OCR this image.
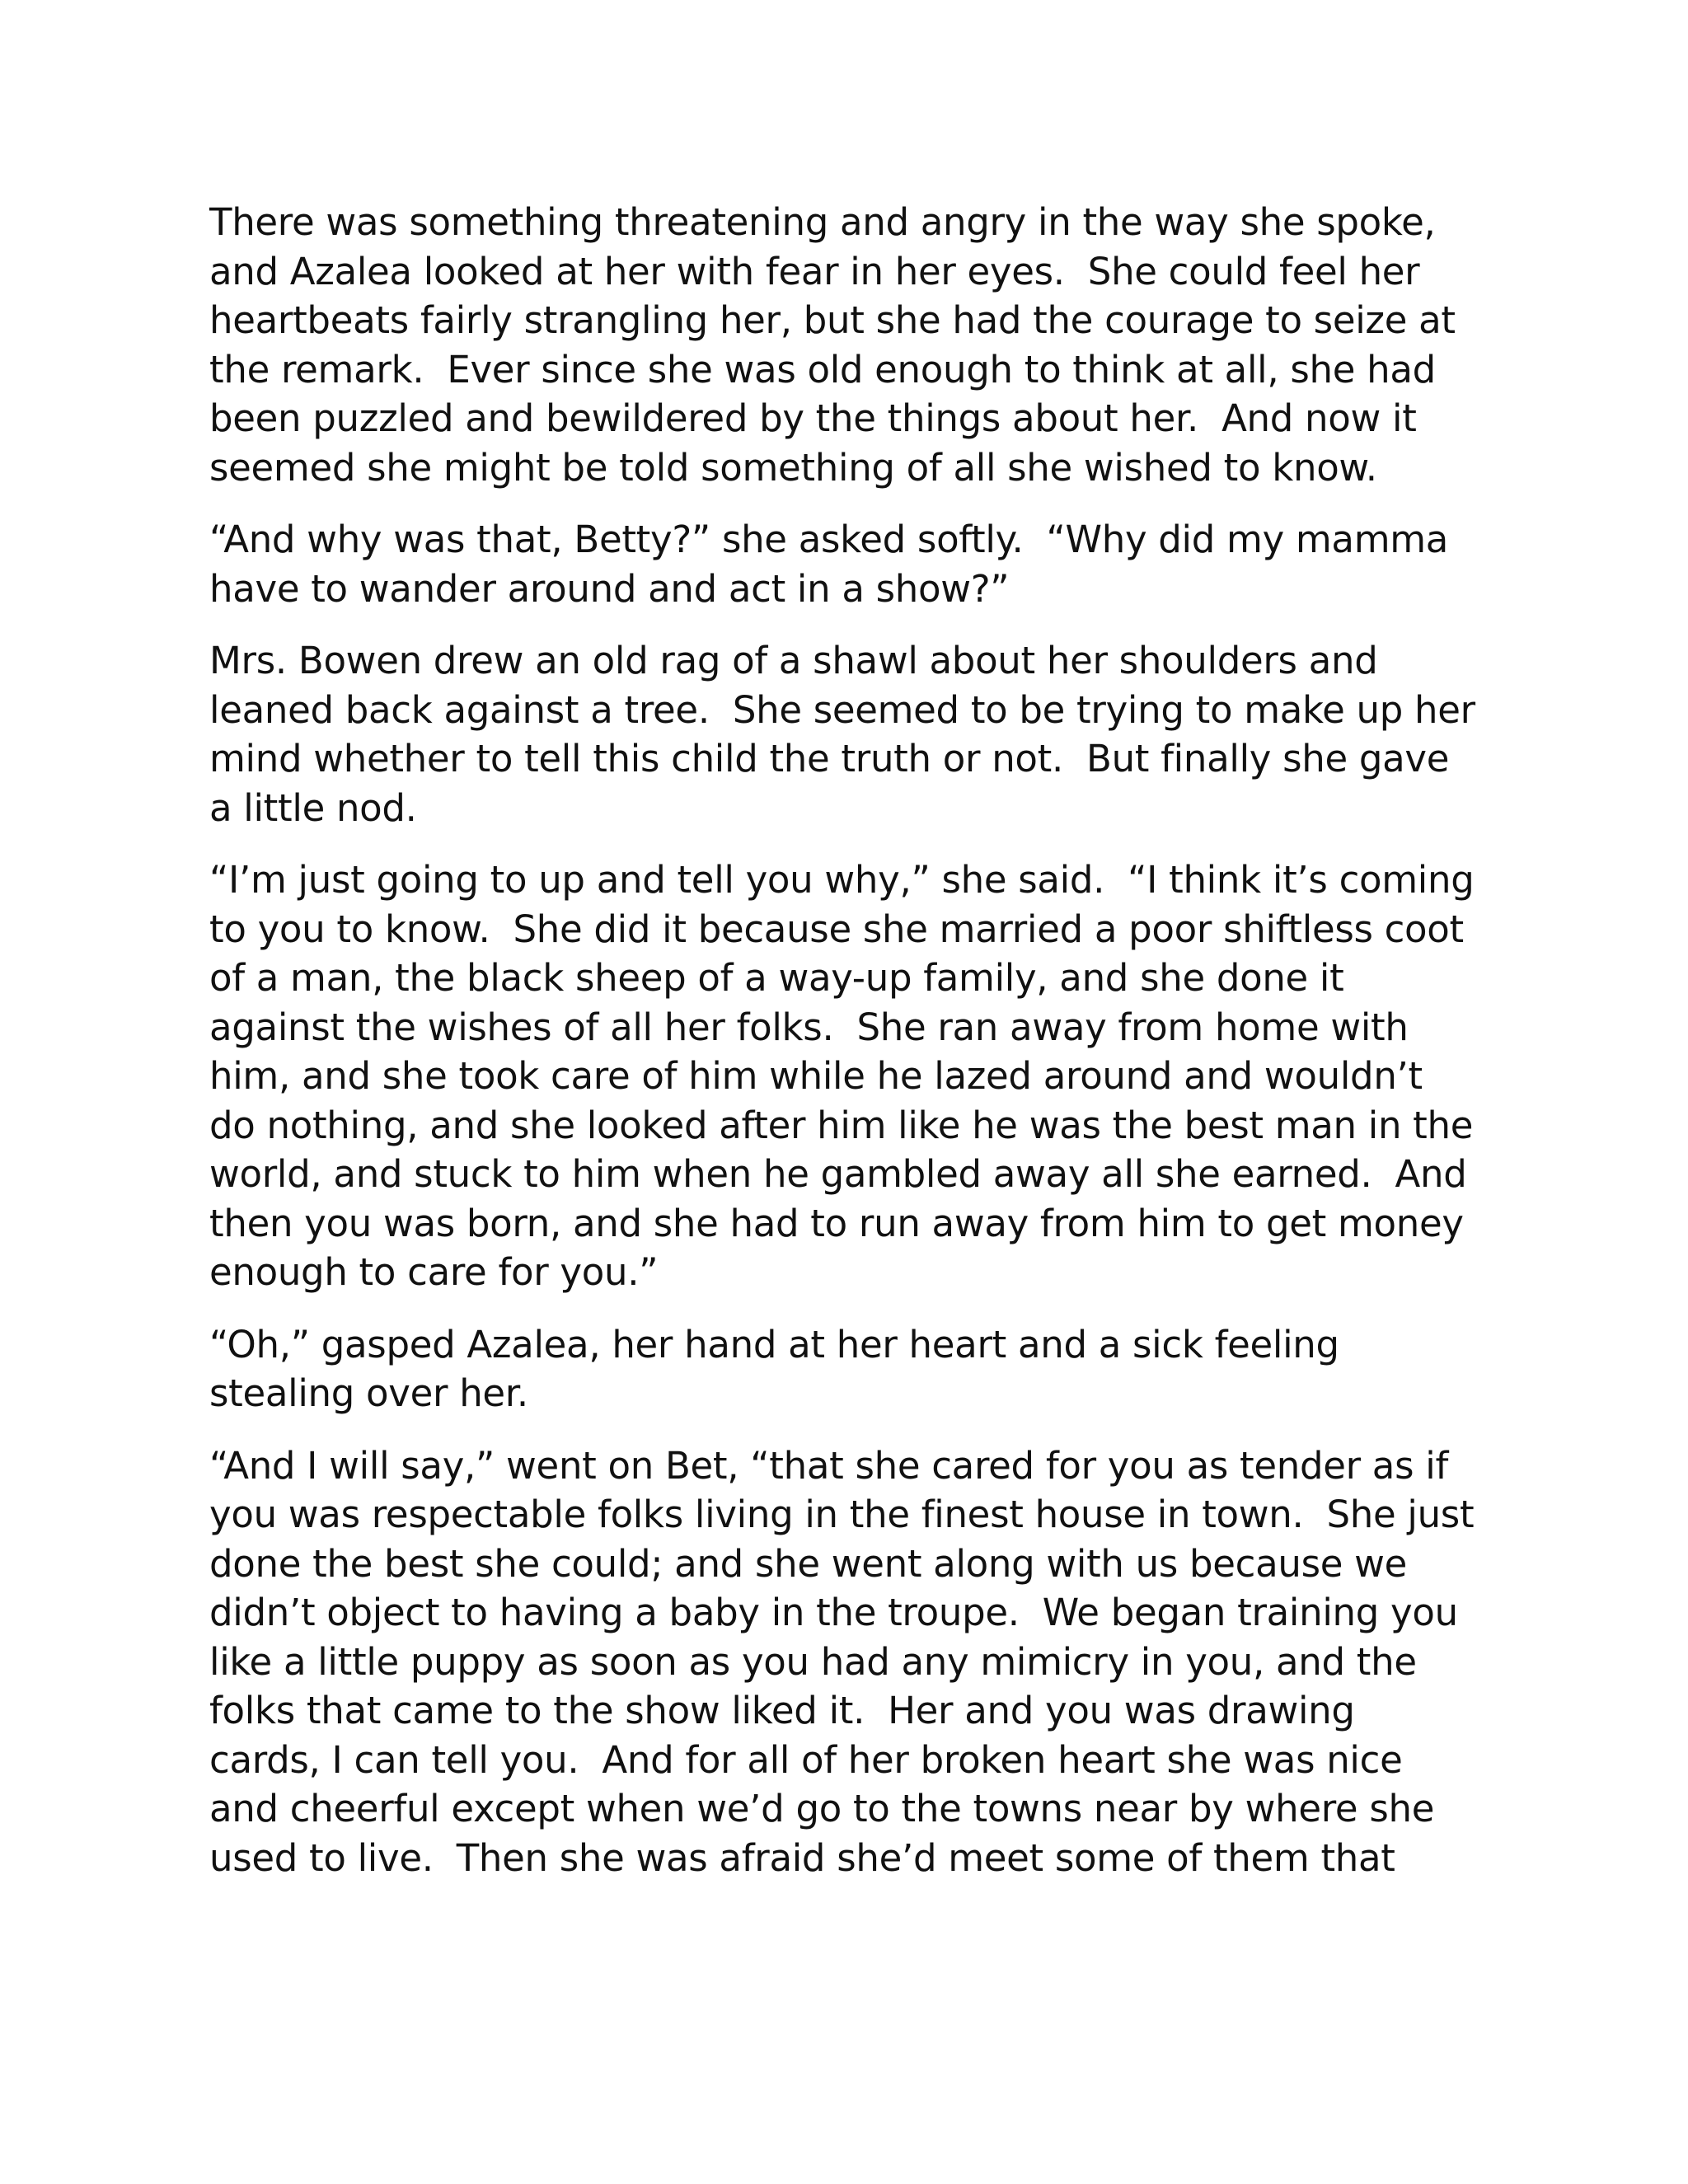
There was something threatening and angry in the way she spoke,
and Azalea looked at her with fear in her eyes.  She could feel her
heartbeats fairly strangling her, but she had the courage to seize at
the remark.  Ever since she was old enough to think at all, she had
been puzzled and bewildered by the things about her.  And now it
seemed she might be told something of all she wished to know.
“And why was that, Betty?” she asked softly.  “Why did my mamma
have to wander around and act in a show?”
Mrs. Bowen drew an old rag of a shawl about her shoulders and
leaned back against a tree.  She seemed to be trying to make up her
mind whether to tell this child the truth or not.  But finally she gave
a little nod.
“I’m just going to up and tell you why,” she said.  “I think it’s coming
to you to know.  She did it because she married a poor shiftless coot
of a man, the black sheep of a way-up family, and she done it
against the wishes of all her folks.  She ran away from home with
him, and she took care of him while he lazed around and wouldn’t
do nothing, and she looked after him like he was the best man in the
world, and stuck to him when he gambled away all she earned.  And
then you was born, and she had to run away from him to get money
enough to care for you.”
“Oh,” gasped Azalea, her hand at her heart and a sick feeling
stealing over her.
“And I will say,” went on Bet, “that she cared for you as tender as if
you was respectable folks living in the finest house in town.  She just
done the best she could; and she went along with us because we
didn’t object to having a baby in the troupe.  We began training you
like a little puppy as soon as you had any mimicry in you, and the
folks that came to the show liked it.  Her and you was drawing
cards, I can tell you.  And for all of her broken heart she was nice
and cheerful except when we’d go to the towns near by where she
used to live.  Then she was afraid she’d meet some of them that
